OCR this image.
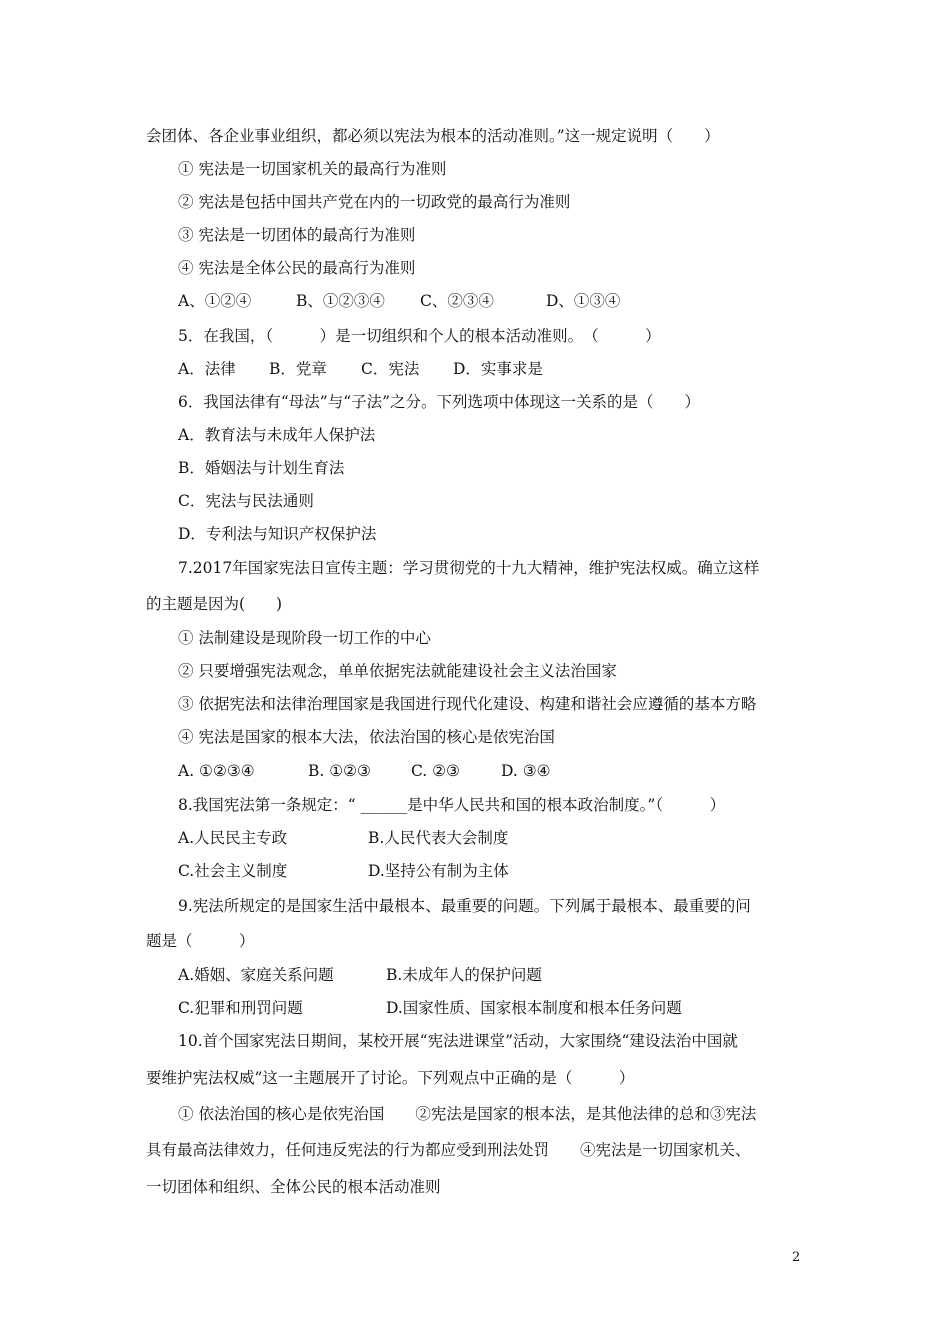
会团体、各企业事业组织，都必须以宪法为根本的活动准则。”这一规定说明（　　）
① 宪法是一切国家机关的最高行为准则
② 宪法是包括中国共产党在内的一切政党的最高行为准则
③ 宪法是一切团体的最高行为准则
④ 宪法是全体公民的最高行为准则
A、①②④	B、①②③④ C、②③④	D、①③④
5．在我国，（　　　）是一切组织和个人的根本活动准则。　（　　　）
A．法律 B．党章 C．宪法 D．实事求是
6．我国法律有“母法”与“子法”之分。下列选项中体现这一关系的是（　　）
A．教育法与未成年人保护法
B．婚姻法与计划生育法
C．宪法与民法通则
D．专利法与知识产权保护法
7.2017年国家宪法日宣传主题：学习贯彻党的十九大精神，维护宪法权威。确立这样
的主题是因为(　　)
① 法制建设是现阶段一切工作的中心
② 只要增强宪法观念，单单依据宪法就能建设社会主义法治国家
③ 依据宪法和法律治理国家是我国进行现代化建设、构建和谐社会应遵循的基本方略
④ 宪法是国家的根本大法，依法治国的核心是依宪治国
A. ①②③④	B. ①②③	C. ②③	D. ③④
8.我国宪法第一条规定：“ ______是中华人民共和国的根本政治制度。”（　　　）
A.人民民主专政	B.人民代表大会制度
C.社会主义制度	D.坚持公有制为主体
9.宪法所规定的是国家生活中最根本、最重要的问题。下列属于最根本、最重要的问
题是（　　　）
A.婚姻、家庭关系问题	B.未成年人的保护问题
C.犯罪和刑罚问题	D.国家性质、国家根本制度和根本任务问题
10.首个国家宪法日期间，某校开展“宪法进课堂”活动，大家围绕“建设法治中国就
要维护宪法权威”这一主题展开了讨论。下列观点中正确的是（　　　）
① 依法治国的核心是依宪治国　　②宪法是国家的根本法，是其他法律的总和③宪法
具有最高法律效力，任何违反宪法的行为都应受到刑法处罚　　④宪法是一切国家机关、
一切团体和组织、全体公民的根本活动准则
2
